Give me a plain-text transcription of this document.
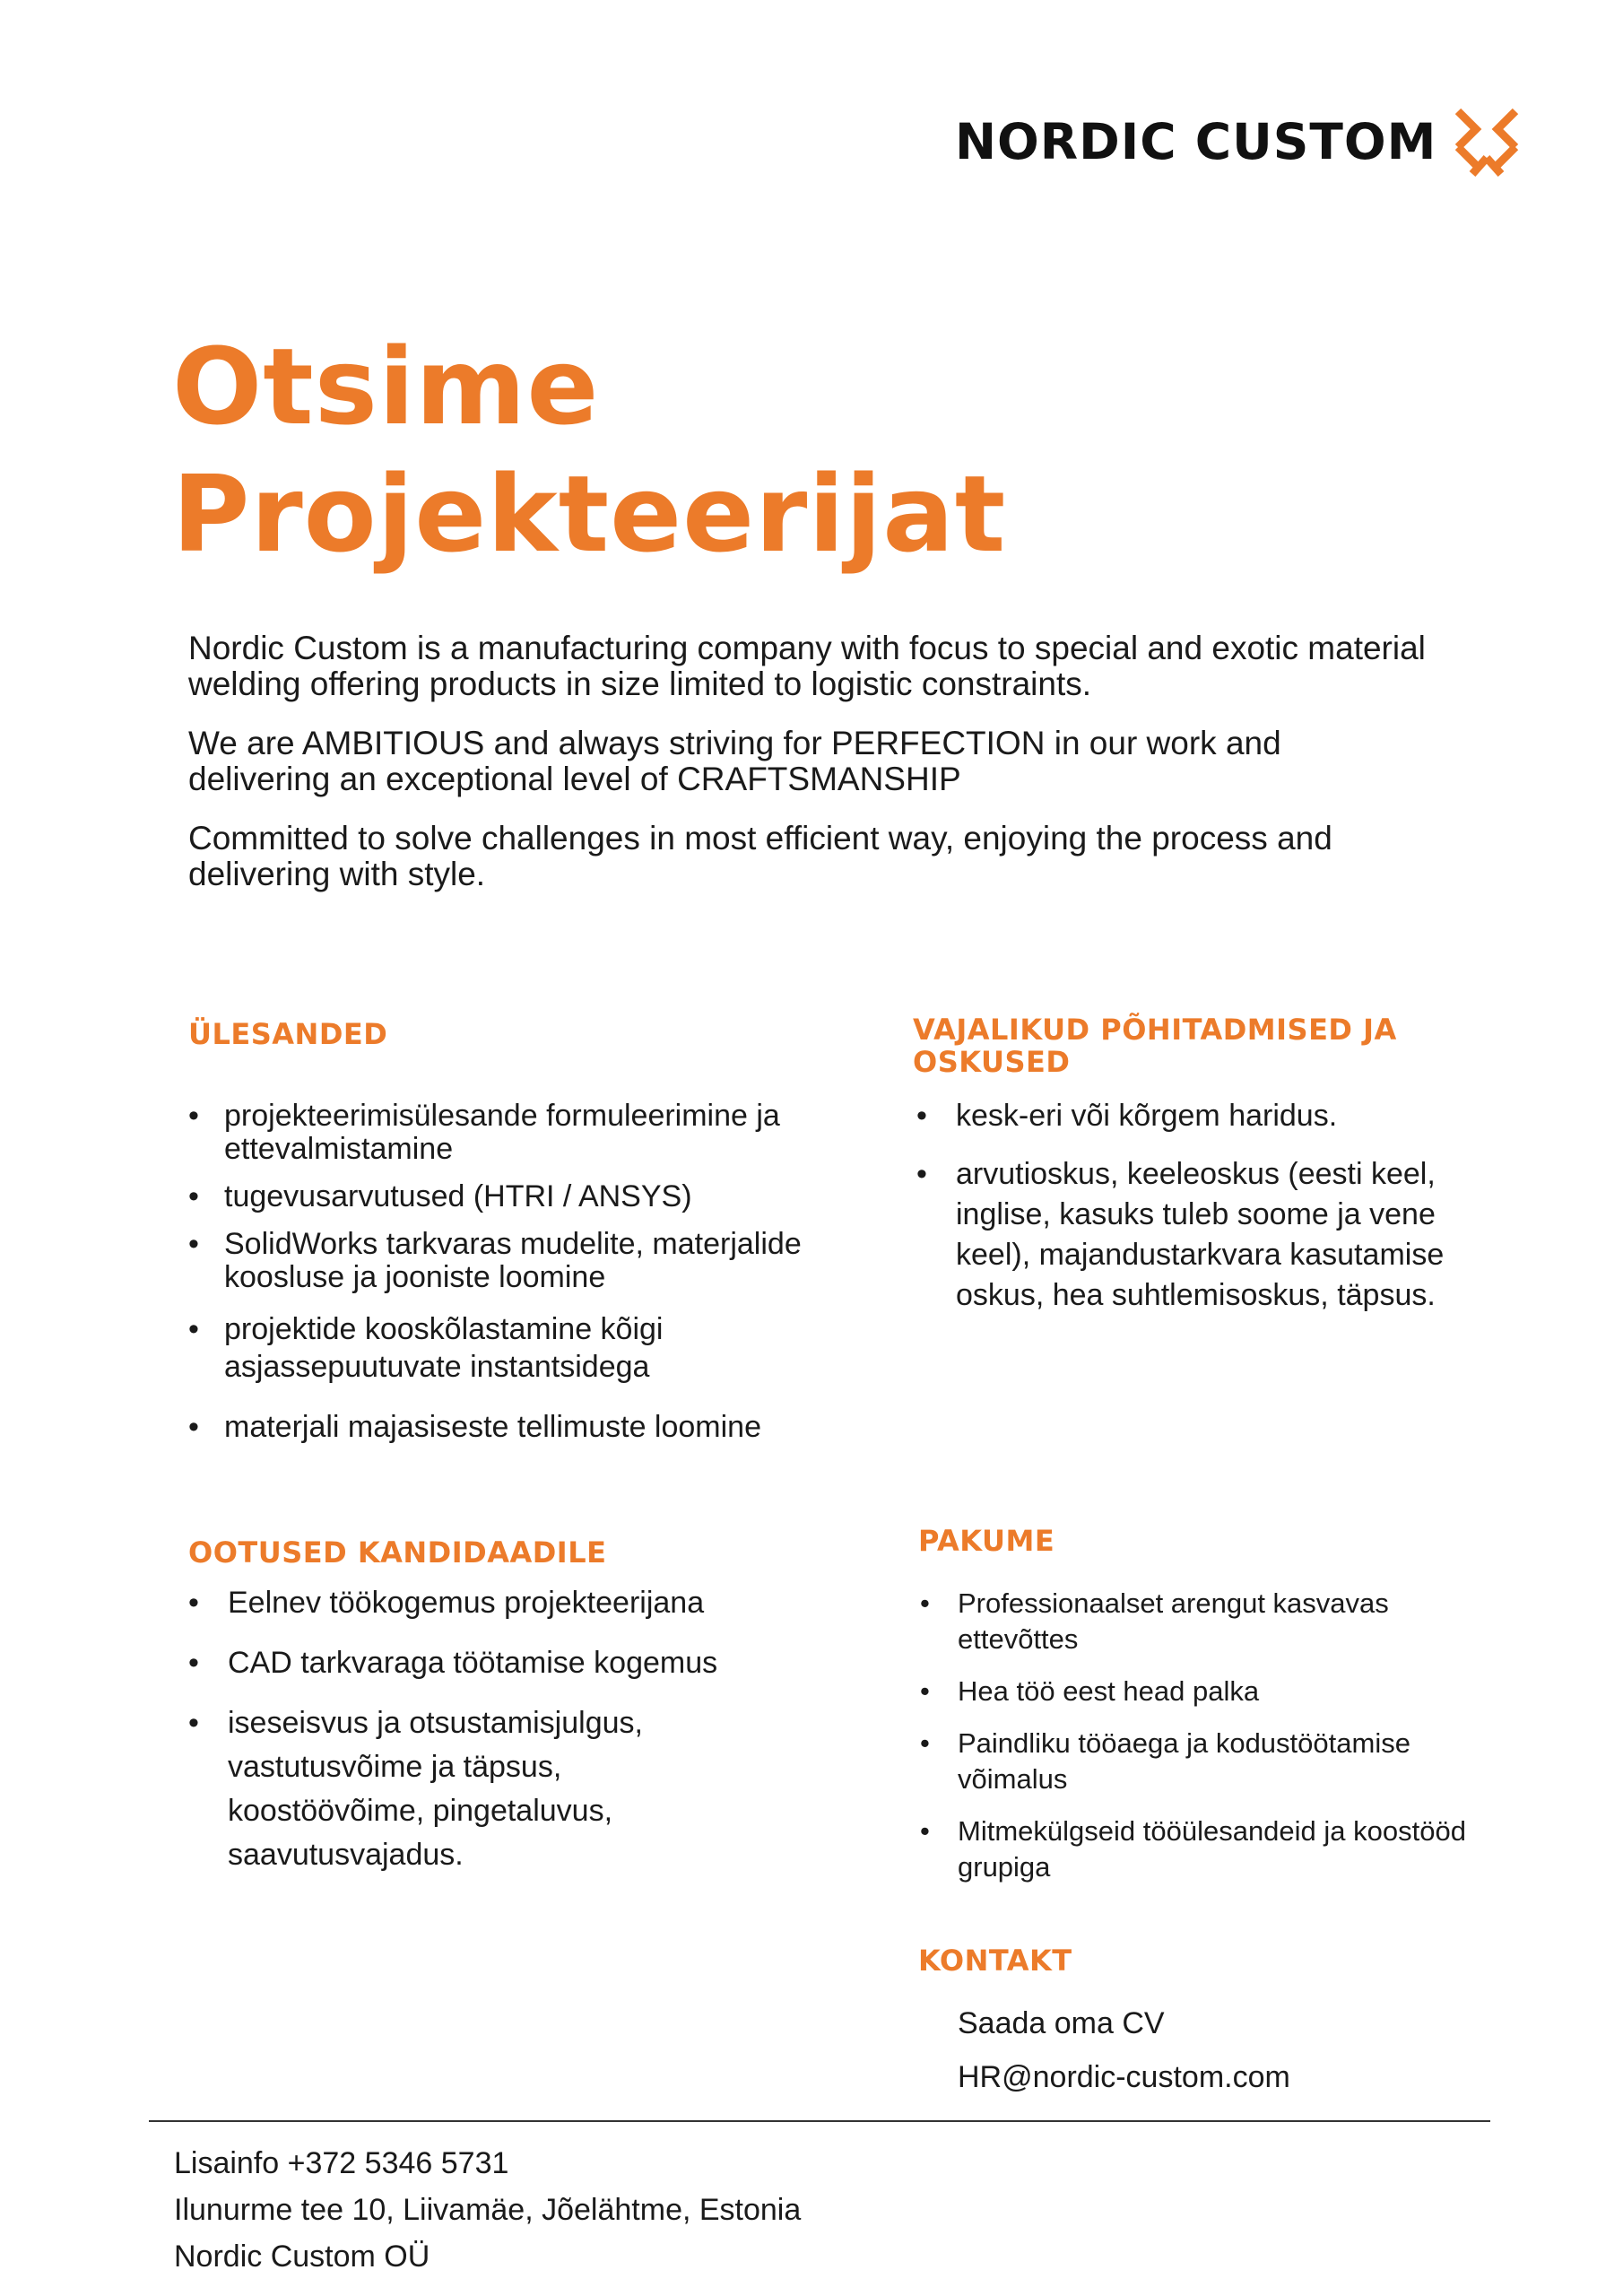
NORDIC CUSTOM
Otsime
Projekteerijat

Nordic Custom is a manufacturing company with focus to special and exotic material welding offering products in size limited to logistic constraints.

We are AMBITIOUS and always striving for PERFECTION in our work and delivering an exceptional level of CRAFTSMANSHIP

Committed to solve challenges in most efficient way, enjoying the process and delivering with style.

ÜLESANDED
• projekteerimisülesande formuleerimine ja ettevalmistamine
• tugevusarvutused (HTRI / ANSYS)
• SolidWorks tarkvaras mudelite, materjalide koosluse ja jooniste loomine
• projektide kooskõlastamine kõigi asjassepuutuvate instantsidega
• materjali majasiseste tellimuste loomine
VAJALIKUD PÕHITADMISED JA OSKUSED
• kesk-eri või kõrgem haridus.
• arvutioskus, keeleoskus (eesti keel, inglise, kasuks tuleb soome ja vene keel), majandustarkvara kasutamise oskus, hea suhtlemisoskus, täpsus.
OOTUSED KANDIDAADILE
• Eelnev töökogemus projekteerijana
• CAD tarkvaraga töötamise kogemus
• iseseisvus ja otsustamisjulgus, vastutusvõime ja täpsus, koostöövõime, pingetaluvus, saavutusvajadus.
PAKUME
• Professionaalset arengut kasvavas ettevõttes
• Hea töö eest head palka
• Paindliku tööaega ja kodustöötamise võimalus
• Mitmekülgseid tööülesandeid ja koostööd grupiga
KONTAKT
Saada oma CV
HR@nordic-custom.com
Lisainfo +372 5346 5731
Ilunurme tee 10, Liivamäe, Jõelähtme, Estonia
Nordic Custom OÜ
